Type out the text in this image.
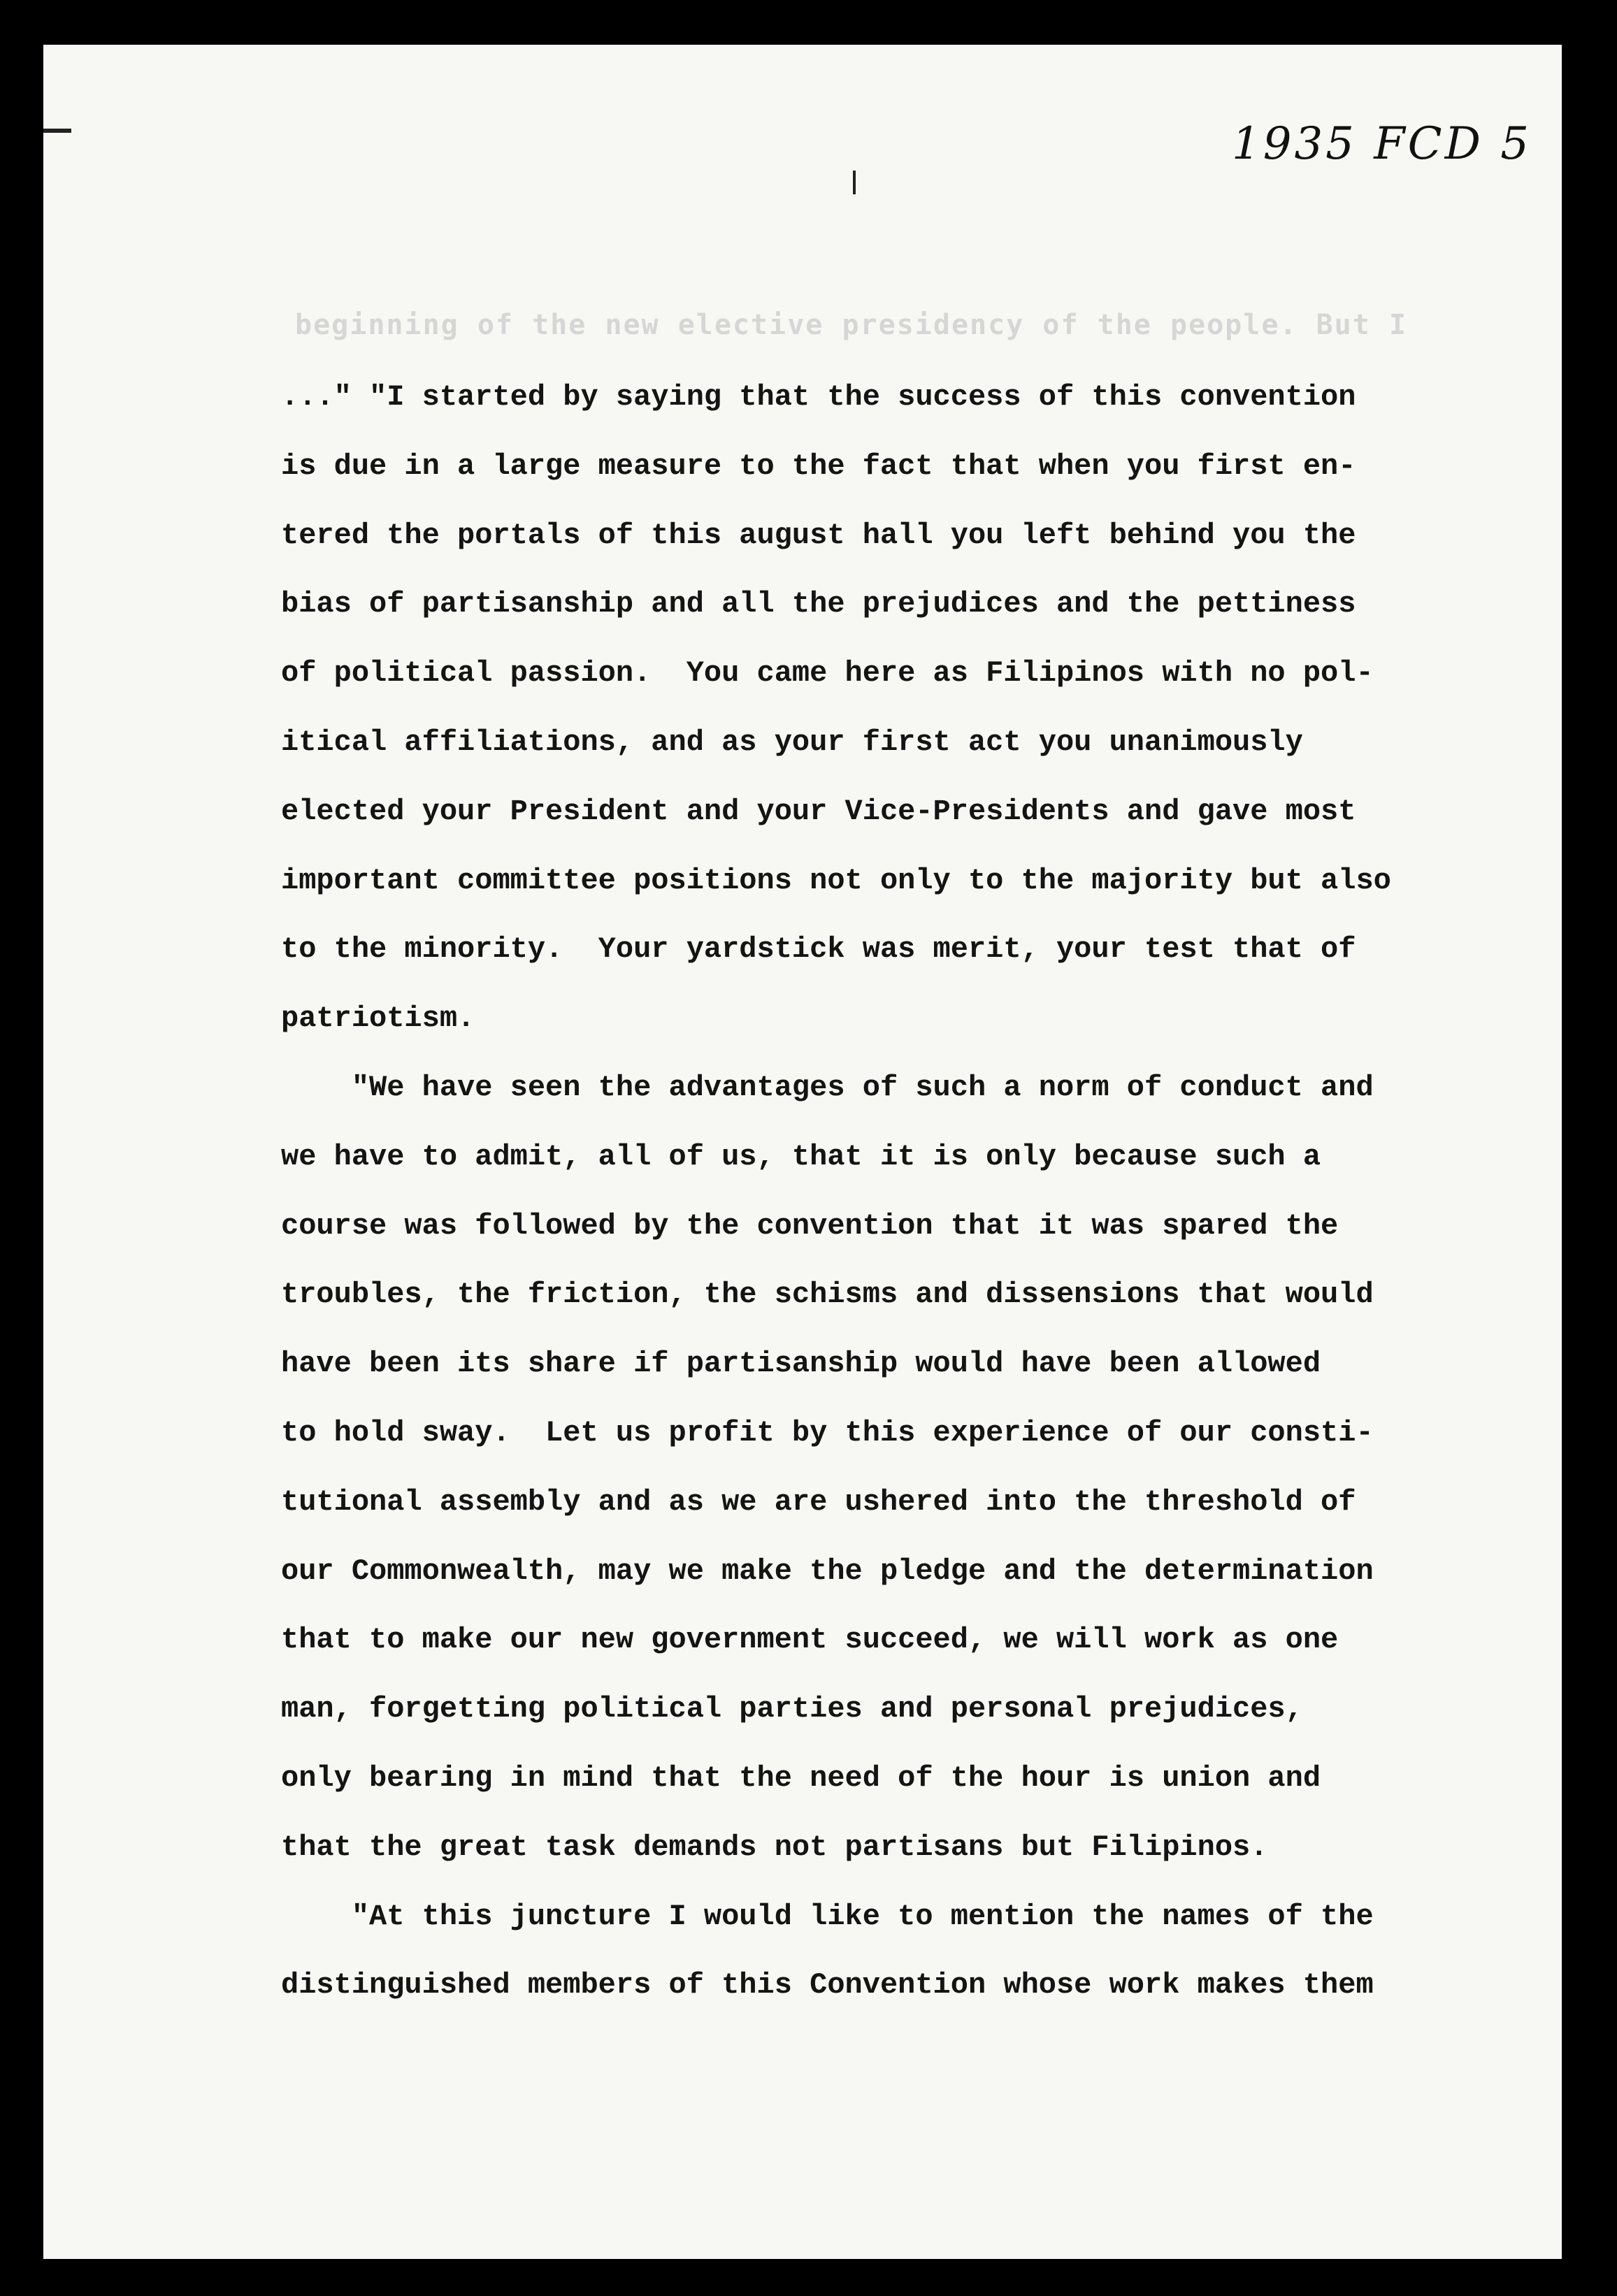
1935 FCD 5
beginning of the new elective presidency of the people. But I
..." "I started by saying that the success of this convention
is due in a large measure to the fact that when you first en-
tered the portals of this august hall you left behind you the
bias of partisanship and all the prejudices and the pettiness
of political passion.  You came here as Filipinos with no pol-
itical affiliations, and as your first act you unanimously
elected your President and your Vice-Presidents and gave most
important committee positions not only to the majority but also
to the minority.  Your yardstick was merit, your test that of
patriotism.
"We have seen the advantages of such a norm of conduct and
we have to admit, all of us, that it is only because such a
course was followed by the convention that it was spared the
troubles, the friction, the schisms and dissensions that would
have been its share if partisanship would have been allowed
to hold sway.  Let us profit by this experience of our consti-
tutional assembly and as we are ushered into the threshold of
our Commonwealth, may we make the pledge and the determination
that to make our new government succeed, we will work as one
man, forgetting political parties and personal prejudices,
only bearing in mind that the need of the hour is union and
that the great task demands not partisans but Filipinos.
"At this juncture I would like to mention the names of the
distinguished members of this Convention whose work makes them
